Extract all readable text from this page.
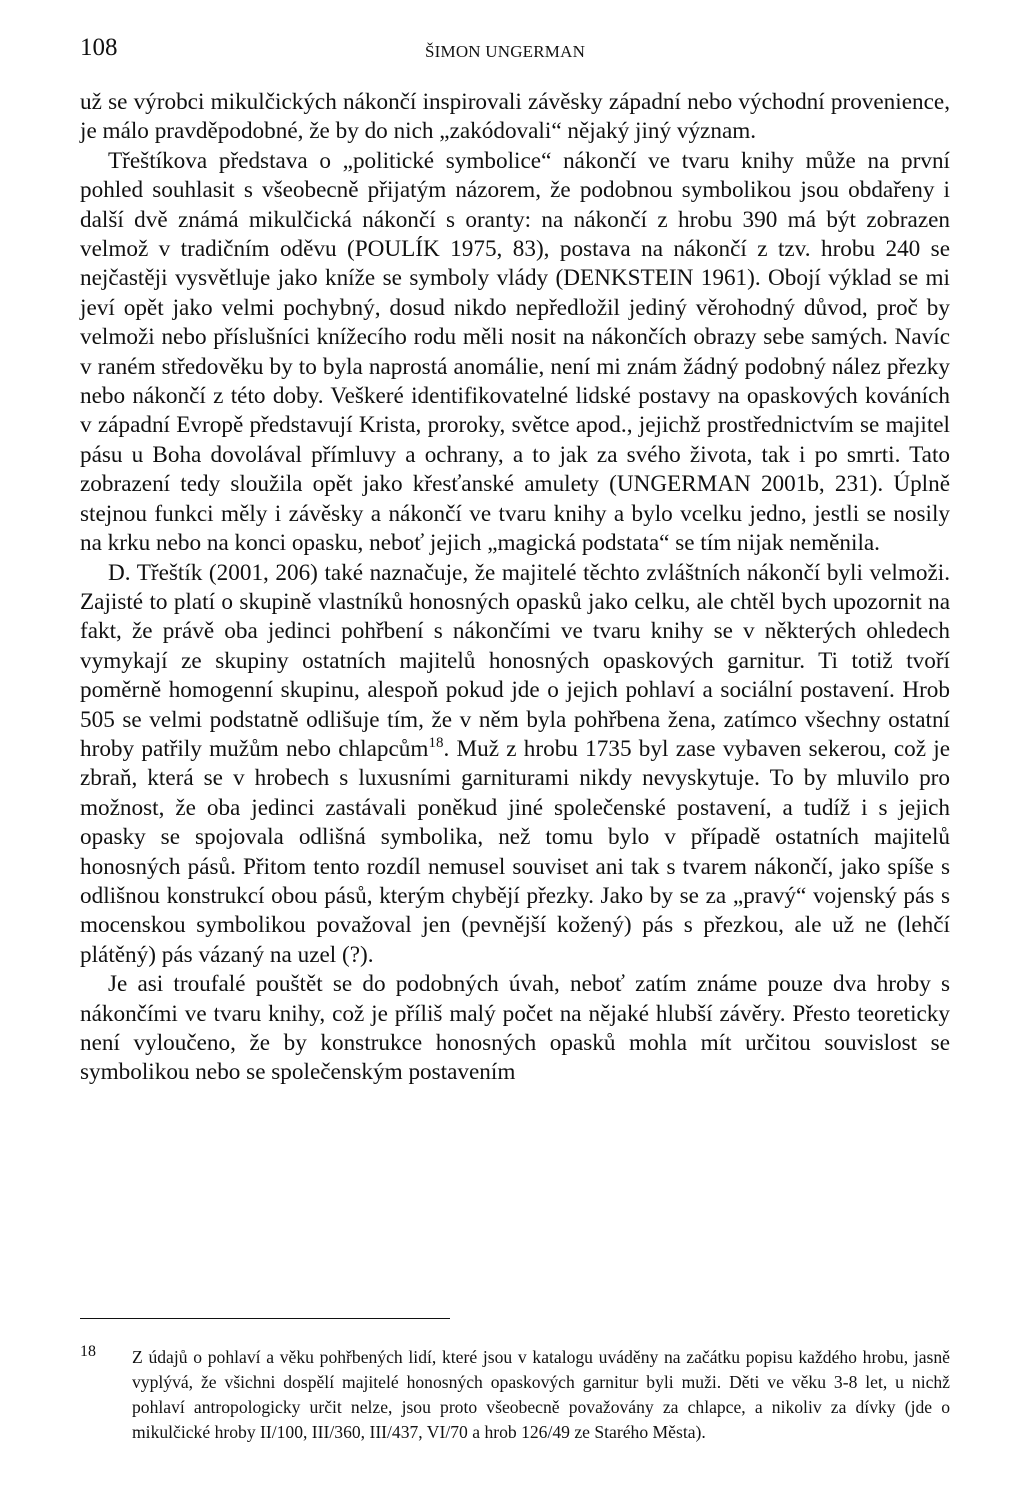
108	ŠIMON UNGERMAN

už se výrobci mikulčických nákončí inspirovali závěsky západní nebo východní provenience, je málo pravděpodobné, že by do nich „zakódovali“ nějaký jiný význam.

Třeštíkova představa o „politické symbolice“ nákončí ve tvaru knihy může na první pohled souhlasit s všeobecně přijatým názorem, že podobnou symbolikou jsou obdařeny i další dvě známá mikulčická nákončí s oranty: na nákončí z hrobu 390 má být zobrazen velmož v tradičním oděvu (POULÍK 1975, 83), postava na nákončí z tzv. hrobu 240 se nejčastěji vysvětluje jako kníže se symboly vlády (DENKSTEIN 1961). Obojí výklad se mi jeví opět jako velmi pochybný, dosud nikdo nepředložil jediný věrohodný důvod, proč by velmoži nebo příslušníci knížecího rodu měli nosit na nákončích obrazy sebe samých. Navíc v raném středověku by to byla naprostá anomálie, není mi znám žádný podobný nález přezky nebo nákončí z této doby. Veškeré identifikovatelné lidské postavy na opaskových kováních v západní Evropě představují Krista, proroky, světce apod., jejichž prostřednictvím se majitel pásu u Boha dovolával přímluvy a ochrany, a to jak za svého života, tak i po smrti. Tato zobrazení tedy sloužila opět jako křesťanské amulety (UNGERMAN 2001b, 231). Úplně stejnou funkci měly i závěsky a nákončí ve tvaru knihy a bylo vcelku jedno, jestli se nosily na krku nebo na konci opasku, neboť jejich „magická podstata“ se tím nijak neměnila.

D. Třeštík (2001, 206) také naznačuje, že majitelé těchto zvláštních nákončí byli velmoži. Zajisté to platí o skupině vlastníků honosných opasků jako celku, ale chtěl bych upozornit na fakt, že právě oba jedinci pohřbení s nákončími ve tvaru knihy se v některých ohledech vymykají ze skupiny ostatních majitelů honosných opaskových garnitur. Ti totiž tvoří poměrně homogenní skupinu, alespoň pokud jde o jejich pohlaví a sociální postavení. Hrob 505 se velmi podstatně odlišuje tím, že v něm byla pohřbena žena, zatímco všechny ostatní hroby patřily mužům nebo chlapcům$^{18}$. Muž z hrobu 1735 byl zase vybaven sekerou, což je zbraň, která se v hrobech s luxusními garniturami nikdy nevyskytuje. To by mluvilo pro možnost, že oba jedinci zastávali poněkud jiné společenské postavení, a tudíž i s jejich opasky se spojovala odlišná symbolika, než tomu bylo v případě ostatních majitelů honosných pásů. Přitom tento rozdíl nemusel souviset ani tak s tvarem nákončí, jako spíše s odlišnou konstrukcí obou pásů, kterým chybějí přezky. Jako by se za „pravý“ vojenský pás s mocenskou symbolikou považoval jen (pevnější kožený) pás s přezkou, ale už ne (lehčí plátěný) pás vázaný na uzel (?).

Je asi troufalé pouštět se do podobných úvah, neboť zatím známe pouze dva hroby s nákončími ve tvaru knihy, což je příliš malý počet na nějaké hlubší závěry. Přesto teoreticky není vyloučeno, že by konstrukce honosných opasků mohla mít určitou souvislost se symbolikou nebo se společenským postavením

18 Z údajů o pohlaví a věku pohřbených lidí, které jsou v katalogu uváděny na začátku popisu každého hrobu, jasně vyplývá, že všichni dospělí majitelé honosných opaskových garnitur byli muži. Děti ve věku 3-8 let, u nichž pohlaví antropologicky určit nelze, jsou proto všeobecně považovány za chlapce, a nikoliv za dívky (jde o mikulčické hroby II/100, III/360, III/437, VI/70 a hrob 126/49 ze Starého Města).
